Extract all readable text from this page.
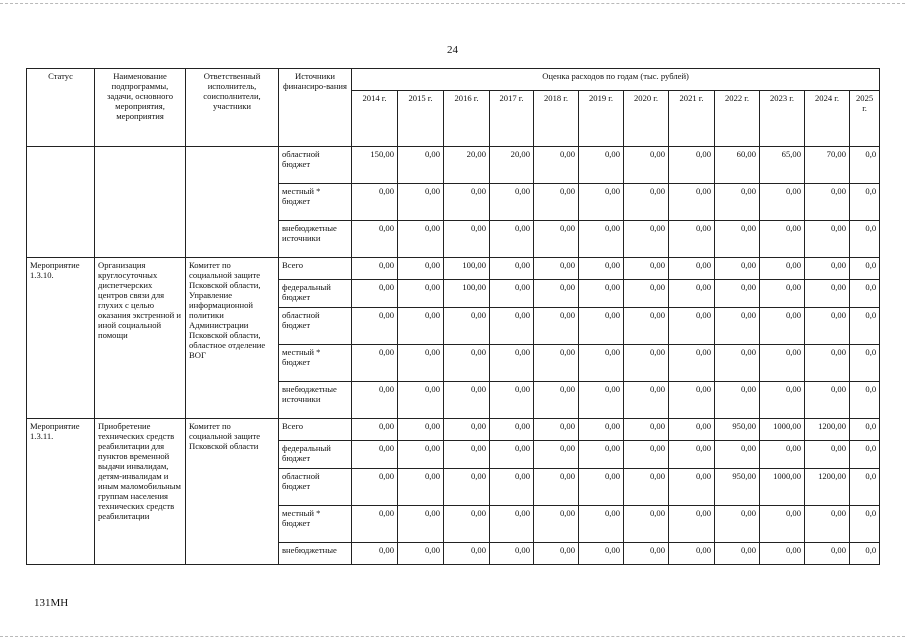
24
Статус	Наименование подпрограммы, задачи, основного мероприятия, мероприятия	Ответственный исполнитель, соисполнители, участники	Источники финансиро-вания	Оценка расходов по годам (тыс. рублей)											
				2014 г.	2015 г.	2016 г.	2017 г.	2018 г.	2019 г.	2020 г.	2021 г.	2022 г.	2023 г.	2024 г.	2025 г.
			областной бюджет	150,00	0,00	20,00	20,00	0,00	0,00	0,00	0,00	60,00	65,00	70,00	0,0
			местный * бюджет	0,00	0,00	0,00	0,00	0,00	0,00	0,00	0,00	0,00	0,00	0,00	0,0
			внебюджетные источники	0,00	0,00	0,00	0,00	0,00	0,00	0,00	0,00	0,00	0,00	0,00	0,0
Мероприятие 1.3.10.	Организация круглосуточных диспетчерских центров связи для глухих с целью оказания экстренной и иной социальной помощи	Комитет по социальной защите Псковской области, Управление информационной политики Администрации Псковской области, областное отделение ВОГ	Всего	0,00	0,00	100,00	0,00	0,00	0,00	0,00	0,00	0,00	0,00	0,00	0,0
			федеральный бюджет	0,00	0,00	100,00	0,00	0,00	0,00	0,00	0,00	0,00	0,00	0,00	0,0
			областной бюджет	0,00	0,00	0,00	0,00	0,00	0,00	0,00	0,00	0,00	0,00	0,00	0,0
			местный * бюджет	0,00	0,00	0,00	0,00	0,00	0,00	0,00	0,00	0,00	0,00	0,00	0,0
			внебюджетные источники	0,00	0,00	0,00	0,00	0,00	0,00	0,00	0,00	0,00	0,00	0,00	0,0
Мероприятие 1.3.11.	Приобретение технических средств реабилитации для пунктов временной выдачи инвалидам, детям-инвалидам и иным маломобильным группам населения технических средств реабилитации	Комитет по социальной защите Псковской области	Всего	0,00	0,00	0,00	0,00	0,00	0,00	0,00	0,00	950,00	1000,00	1200,00	0,0
			федеральный бюджет	0,00	0,00	0,00	0,00	0,00	0,00	0,00	0,00	0,00	0,00	0,00	0,0
			областной бюджет	0,00	0,00	0,00	0,00	0,00	0,00	0,00	0,00	950,00	1000,00	1200,00	0,0
			местный * бюджет	0,00	0,00	0,00	0,00	0,00	0,00	0,00	0,00	0,00	0,00	0,00	0,0
			внебюджетные	0,00	0,00	0,00	0,00	0,00	0,00	0,00	0,00	0,00	0,00	0,00	0,0
131МН
